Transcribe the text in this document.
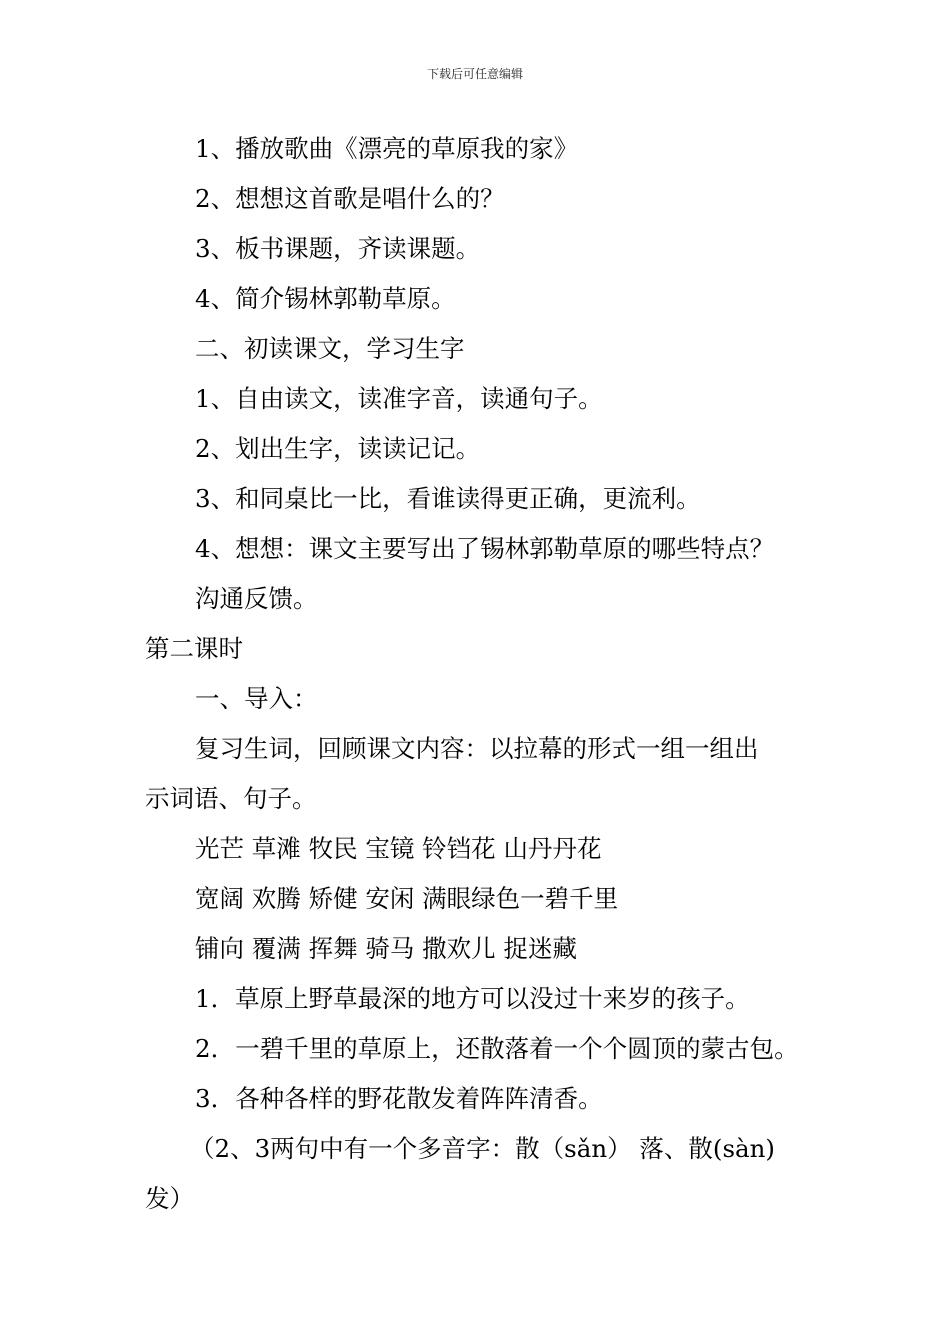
下载后可任意编辑
1、播放歌曲《漂亮的草原我的家》
2、想想这首歌是唱什么的？
3、板书课题，齐读课题。
4、简介锡林郭勒草原。
二、初读课文，学习生字
1、自由读文，读准字音，读通句子。
2、划出生字，读读记记。
3、和同桌比一比，看谁读得更正确，更流利。
4、想想：课文主要写出了锡林郭勒草原的哪些特点？
沟通反馈。
第二课时
一、导入：
复习生词，回顾课文内容：以拉幕的形式一组一组出
示词语、句子。
光芒 草滩 牧民 宝镜 铃铛花 山丹丹花
宽阔 欢腾 矫健 安闲 满眼绿色一碧千里
铺向 覆满 挥舞 骑马 撒欢儿 捉迷藏
1．草原上野草最深的地方可以没过十来岁的孩子。
2．一碧千里的草原上，还散落着一个个圆顶的蒙古包。
3．各种各样的野花散发着阵阵清香。
（2、3两句中有一个多音字：散（sǎn） 落、散(sàn)
发）
